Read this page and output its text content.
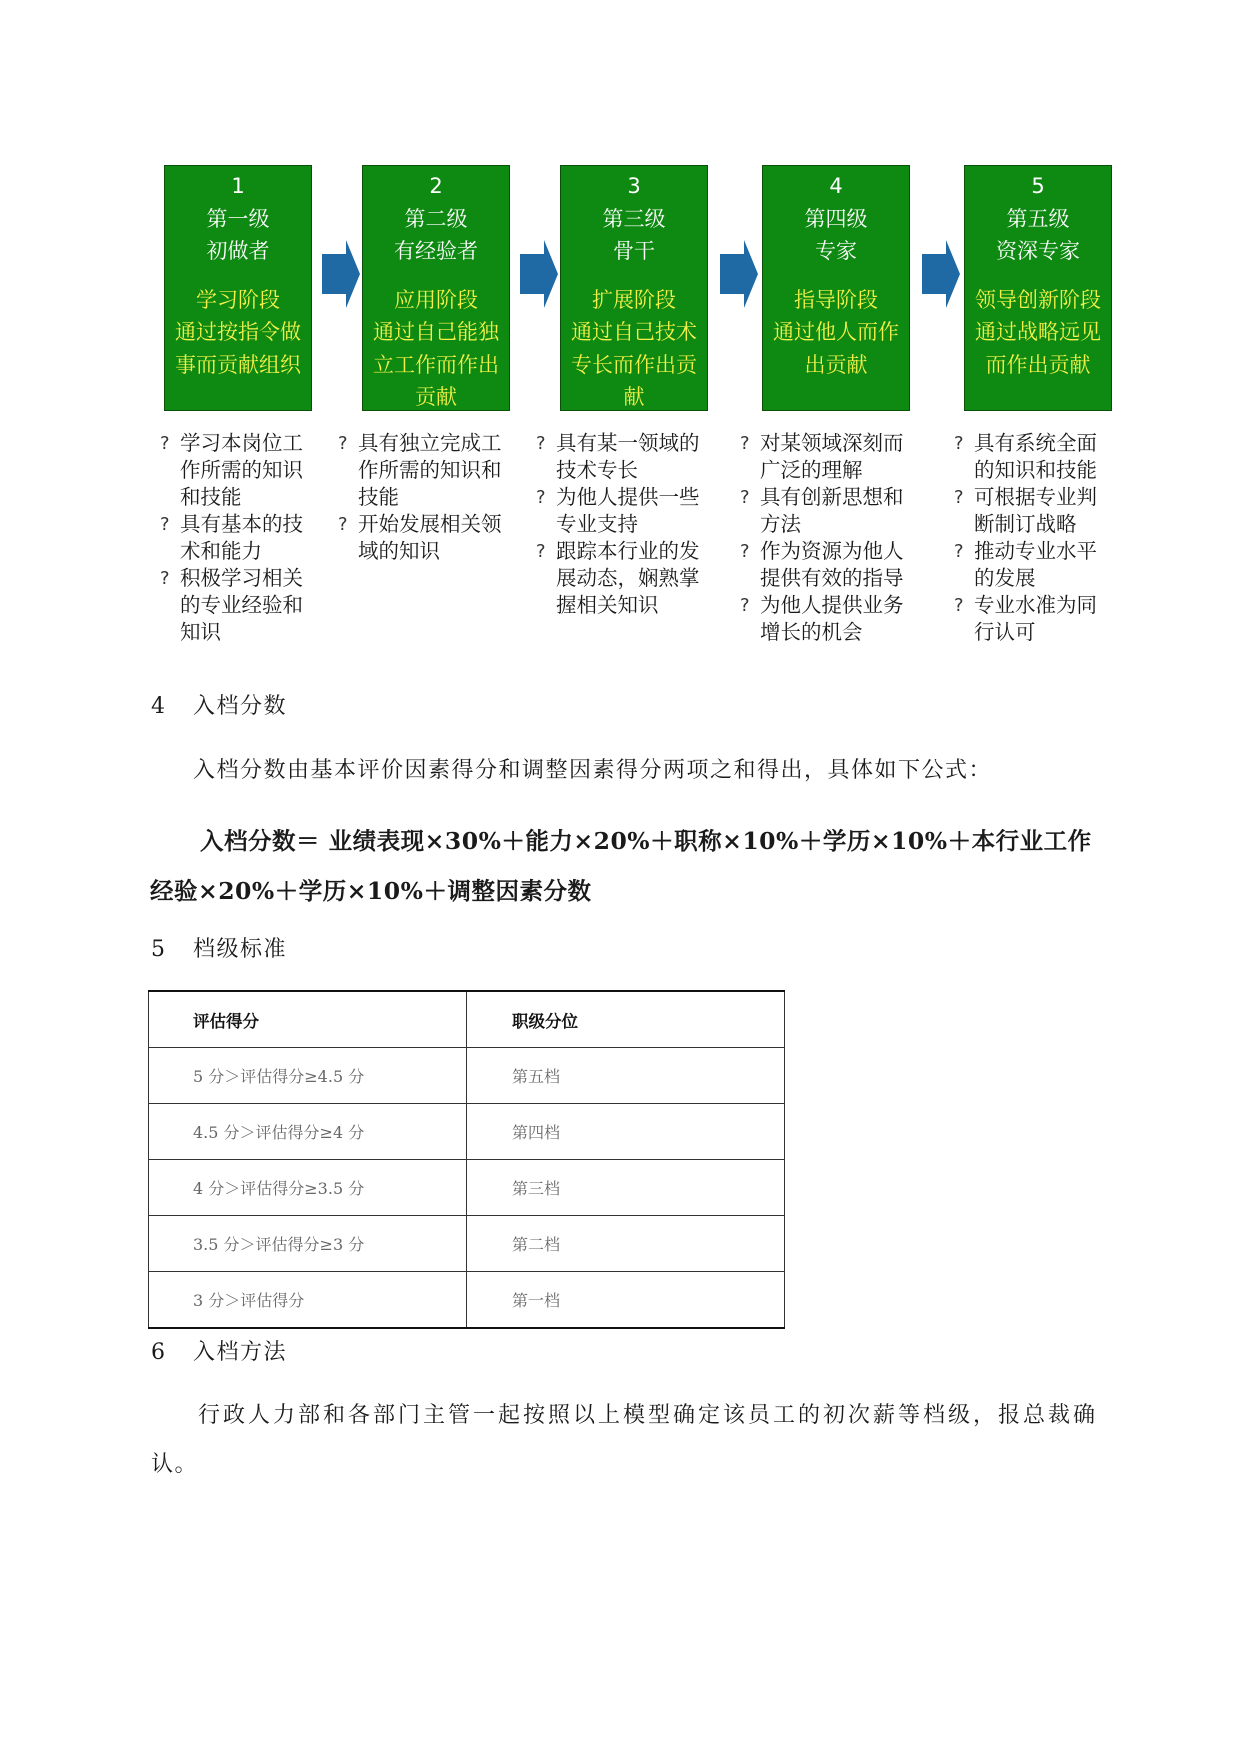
1
第一级
初做者
学习阶段
通过按指令做
事而贡献组织
2
第二级
有经验者
应用阶段
通过自己能独
立工作而作出
贡献
3
第三级
骨干
扩展阶段
通过自己技术
专长而作出贡
献
4
第四级
专家
指导阶段
通过他人而作
出贡献
5
第五级
资深专家
领导创新阶段
通过战略远见
而作出贡献
? 学习本岗位工
作所需的知识
和技能
? 具有基本的技
术和能力
? 积极学习相关
的专业经验和
知识
? 具有独立完成工
作所需的知识和
技能
? 开始发展相关领
域的知识
? 具有某一领域的
技术专长
? 为他人提供一些
专业支持
? 跟踪本行业的发
展动态，娴熟掌
握相关知识
? 对某领域深刻而
广泛的理解
? 具有创新思想和
方法
? 作为资源为他人
提供有效的指导
? 为他人提供业务
增长的机会
? 具有系统全面
的知识和技能
? 可根据专业判
断制订战略
? 推动专业水平
的发展
? 专业水准为同
行认可
4 入档分数
入档分数由基本评价因素得分和调整因素得分两项之和得出，具体如下公式：
入档分数＝ 业绩表现×30%＋能力×20%＋职称×10%＋学历×10%＋本行业工作
经验×20%＋学历×10%＋调整因素分数
5 档级标准
评估得分	职级分位
5 分＞评估得分≥4.5 分	第五档
4.5 分＞评估得分≥4 分	第四档
4 分＞评估得分≥3.5 分	第三档
3.5 分＞评估得分≥3 分	第二档
3 分＞评估得分	第一档
6 入档方法
行政人力部和各部门主管一起按照以上模型确定该员工的初次薪等档级，报总裁确
认。
